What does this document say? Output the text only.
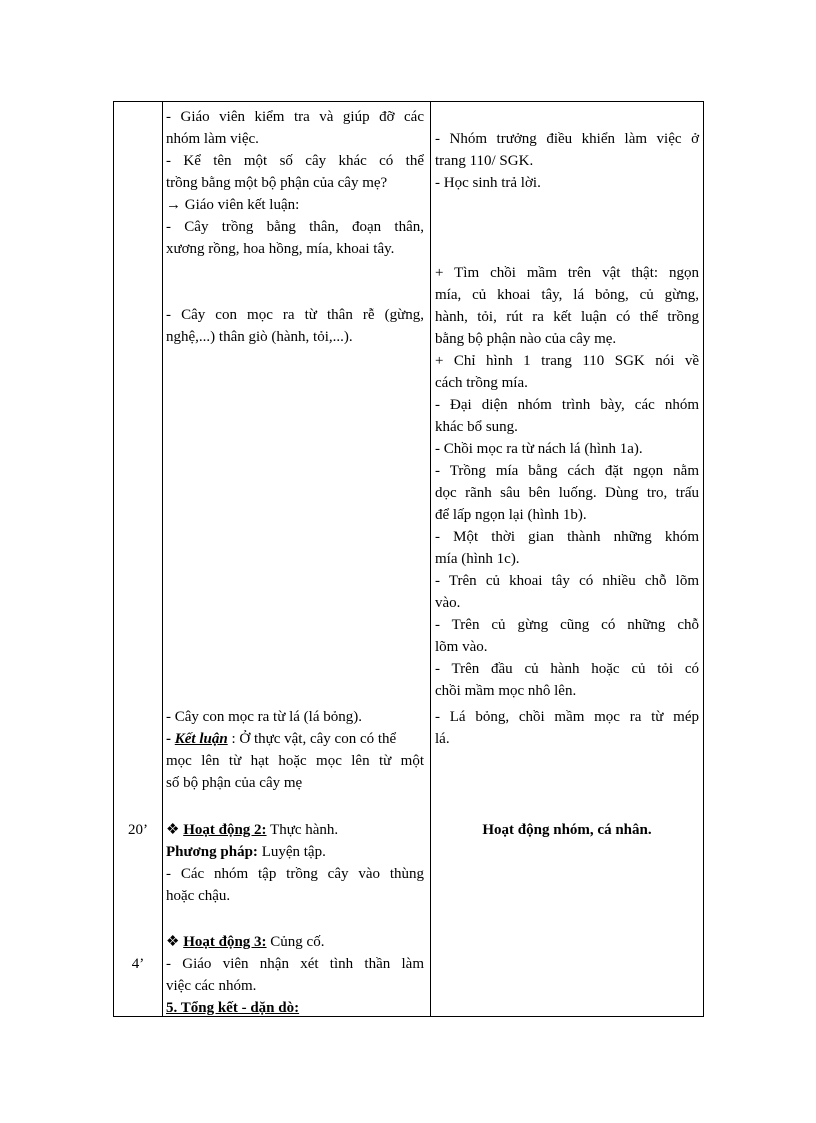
20’
4’
- Giáo viên kiểm tra và giúp đỡ các
nhóm làm việc.
- Kể tên một số cây khác có thể
trồng bằng một bộ phận của cây mẹ?
→ Giáo viên kết luận:
- Cây trồng bằng thân, đoạn thân,
xương rồng, hoa hồng, mía, khoai tây.
- Cây con mọc ra từ thân rễ (gừng,
nghệ,...) thân giò (hành, tỏi,...).
- Cây con mọc ra từ lá (lá bỏng).
- Kết luận : Ở thực vật, cây con có thể
mọc lên từ hạt hoặc mọc lên từ một
số bộ phận của cây mẹ
❖ Hoạt động 2: Thực hành.
Phương pháp: Luyện tập.
- Các nhóm tập trồng cây vào thùng
hoặc chậu.
❖ Hoạt động 3: Củng cố.
- Giáo viên nhận xét tình thần làm
việc các nhóm.
5. Tổng kết - dặn dò:
- Nhóm trưởng điều khiển làm việc ở
trang 110/ SGK.
- Học sinh trả lời.
+ Tìm chồi mầm trên vật thật: ngọn
mía, củ khoai tây, lá bỏng, củ gừng,
hành, tỏi, rút ra kết luận có thể trồng
bằng bộ phận nào của cây mẹ.
+ Chỉ hình 1 trang 110 SGK nói về
cách trồng mía.
- Đại diện nhóm trình bày, các nhóm
khác bổ sung.
- Chồi mọc ra từ nách lá (hình 1a).
- Trồng mía bằng cách đặt ngọn nằm
dọc rãnh sâu bên luống. Dùng tro, trấu
để lấp ngọn lại (hình 1b).
- Một thời gian thành những khóm
mía (hình 1c).
- Trên củ khoai tây có nhiều chỗ lõm
vào.
- Trên củ gừng cũng có những chỗ
lõm vào.
- Trên đầu củ hành hoặc củ tỏi có
chồi mầm mọc nhô lên.
- Lá bỏng, chồi mầm mọc ra từ mép
lá.
Hoạt động nhóm, cá nhân.
